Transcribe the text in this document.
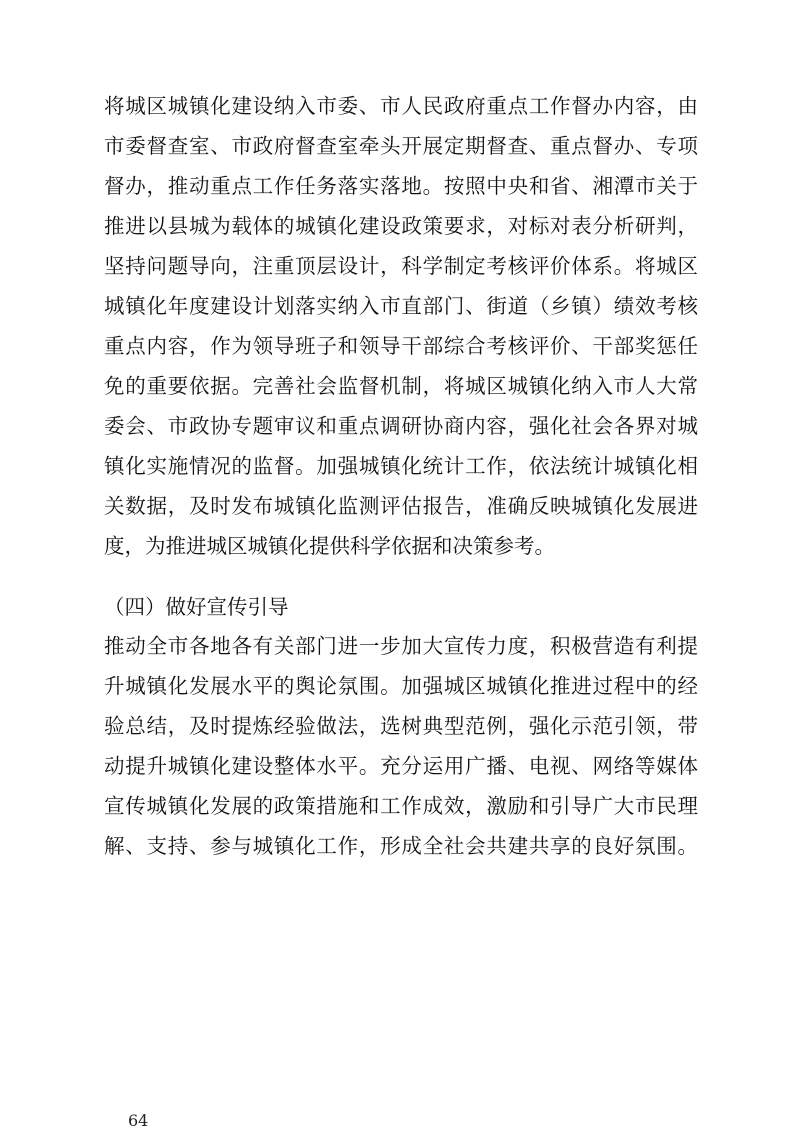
将城区城镇化建设纳入市委、市人民政府重点工作督办内容，由
市委督查室、市政府督查室牵头开展定期督查、重点督办、专项
督办，推动重点工作任务落实落地。按照中央和省、湘潭市关于
推进以县城为载体的城镇化建设政策要求，对标对表分析研判，
坚持问题导向，注重顶层设计，科学制定考核评价体系。将城区
城镇化年度建设计划落实纳入市直部门、街道（乡镇）绩效考核
重点内容，作为领导班子和领导干部综合考核评价、干部奖惩任
免的重要依据。完善社会监督机制，将城区城镇化纳入市人大常
委会、市政协专题审议和重点调研协商内容，强化社会各界对城
镇化实施情况的监督。加强城镇化统计工作，依法统计城镇化相
关数据，及时发布城镇化监测评估报告，准确反映城镇化发展进
度，为推进城区城镇化提供科学依据和决策参考。
（四）做好宣传引导
推动全市各地各有关部门进一步加大宣传力度，积极营造有利提
升城镇化发展水平的舆论氛围。加强城区城镇化推进过程中的经
验总结，及时提炼经验做法，选树典型范例，强化示范引领，带
动提升城镇化建设整体水平。充分运用广播、电视、网络等媒体
宣传城镇化发展的政策措施和工作成效，激励和引导广大市民理
解、支持、参与城镇化工作，形成全社会共建共享的良好氛围。
64
